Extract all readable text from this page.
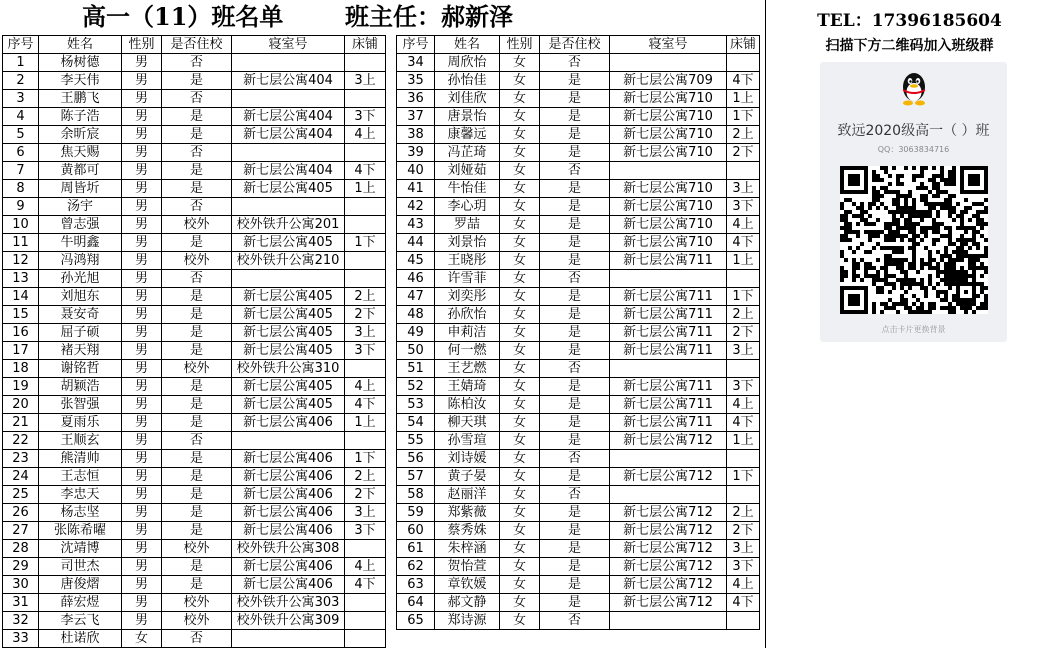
高一（11）班名单	班主任：郝新泽
序号	姓名	性别	是否住校	寝室号	床铺
1	杨树德	男	否		
2	李天伟	男	是	新七层公寓404	3上
3	王鹏飞	男	否		
4	陈子浩	男	是	新七层公寓404	3下
5	余昕宸	男	是	新七层公寓404	4上
6	焦天赐	男	否		
7	黄都可	男	是	新七层公寓404	4下
8	周皆圻	男	是	新七层公寓405	1上
9	汤宇	男	否		
10	曾志强	男	校外	校外铁升公寓201	
11	牛明鑫	男	是	新七层公寓405	1下
12	冯鸿翔	男	校外	校外铁升公寓210	
13	孙光旭	男	否		
14	刘旭东	男	是	新七层公寓405	2上
15	聂安奇	男	是	新七层公寓405	2下
16	屈子硕	男	是	新七层公寓405	3上
17	褚天翔	男	是	新七层公寓405	3下
18	谢铭哲	男	校外	校外铁升公寓310	
19	胡颖浩	男	是	新七层公寓405	4上
20	张智强	男	是	新七层公寓405	4下
21	夏雨乐	男	是	新七层公寓406	1上
22	王顺玄	男	否		
23	熊清帅	男	是	新七层公寓406	1下
24	王志恒	男	是	新七层公寓406	2上
25	李忠天	男	是	新七层公寓406	2下
26	杨志坚	男	是	新七层公寓406	3上
27	张陈希曜	男	是	新七层公寓406	3下
28	沈靖博	男	校外	校外铁升公寓308	
29	司世杰	男	是	新七层公寓406	4上
30	唐俊熠	男	是	新七层公寓406	4下
31	薛宏煜	男	校外	校外铁升公寓303	
32	李云飞	男	校外	校外铁升公寓309	
33	杜诺欣	女	否		
序号	姓名	性别	是否住校	寝室号	床铺
34	周欣怡	女	否		
35	孙怡佳	女	是	新七层公寓709	4下
36	刘佳欣	女	是	新七层公寓710	1上
37	唐景怡	女	是	新七层公寓710	1下
38	康馨远	女	是	新七层公寓710	2上
39	冯芷琦	女	是	新七层公寓710	2下
40	刘娅茹	女	否		
41	牛怡佳	女	是	新七层公寓710	3上
42	李心玥	女	是	新七层公寓710	3下
43	罗喆	女	是	新七层公寓710	4上
44	刘景怡	女	是	新七层公寓710	4下
45	王晓彤	女	是	新七层公寓711	1上
46	许雪菲	女	否		
47	刘奕彤	女	是	新七层公寓711	1下
48	孙欣怡	女	是	新七层公寓711	2上
49	申莉洁	女	是	新七层公寓711	2下
50	何一燃	女	是	新七层公寓711	3上
51	王艺燃	女	否		
52	王婧琦	女	是	新七层公寓711	3下
53	陈柏汝	女	是	新七层公寓711	4上
54	柳天琪	女	是	新七层公寓711	4下
55	孙雪瑄	女	是	新七层公寓712	1上
56	刘诗媛	女	否		
57	黄子晏	女	是	新七层公寓712	1下
58	赵丽洋	女	否		
59	郑紫薇	女	是	新七层公寓712	2上
60	蔡秀姝	女	是	新七层公寓712	2下
61	朱梓涵	女	是	新七层公寓712	3上
62	贺怡萱	女	是	新七层公寓712	3下
63	章钦媛	女	是	新七层公寓712	4上
64	郝文静	女	是	新七层公寓712	4下
65	郑诗源	女	否		
TEL：17396185604
扫描下方二维码加入班级群
致远2020级高一（ ）班
QQ：3063834716
点击卡片更换背景
